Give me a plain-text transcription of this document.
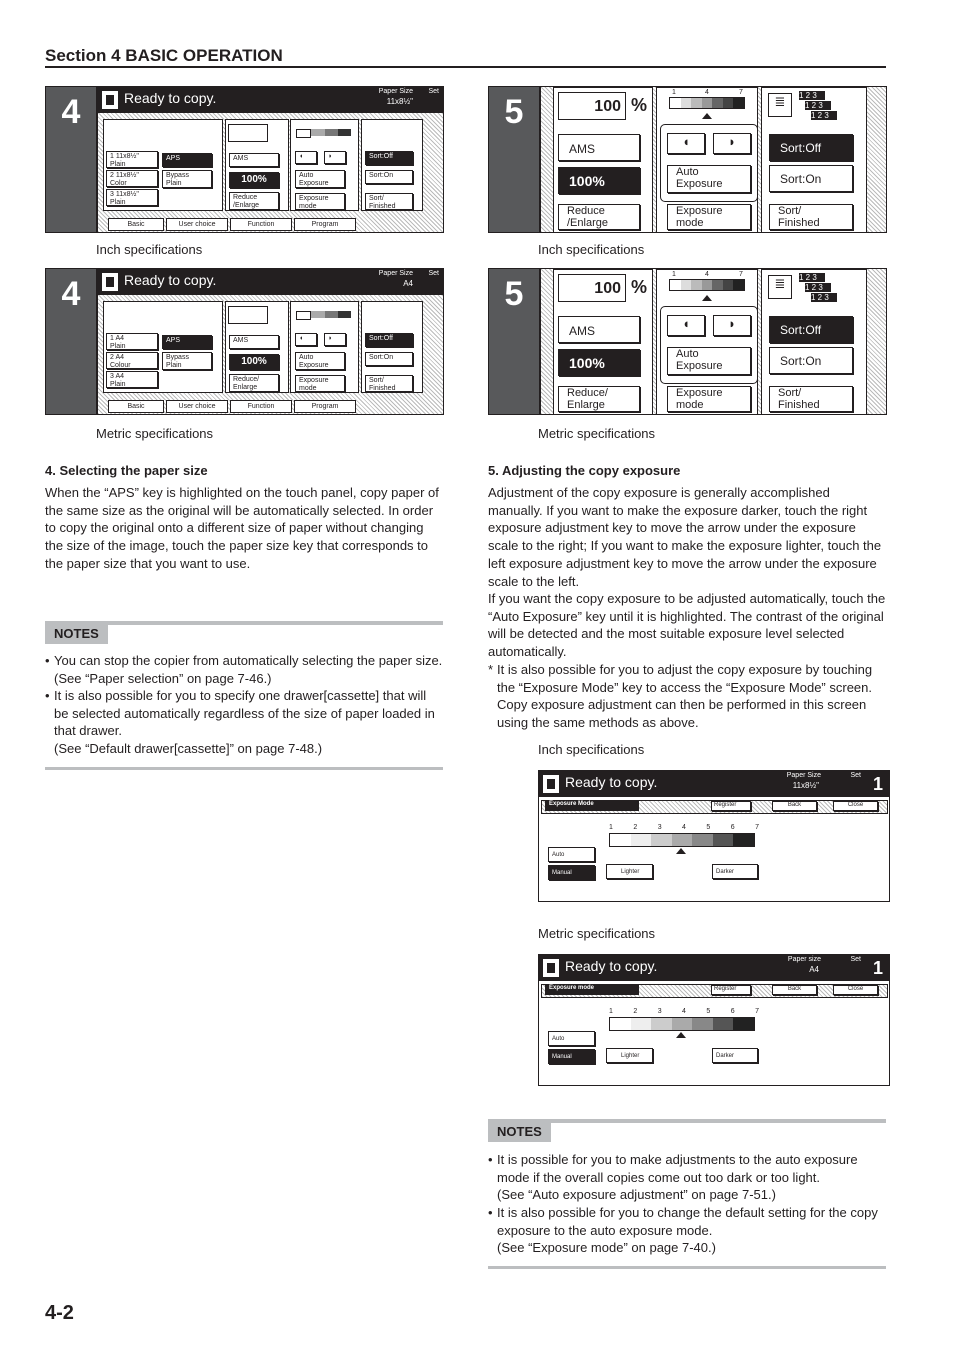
Section 4 BASIC OPERATION
4	Ready to copy.	Paper Size
11x8½"
Set
1 11x8½"
Plain
2 11x8½"
Color
3 11x8½"
Plain
APS
Bypass
Plain
AMS
100%
Reduce
/Enlarge
◖	◗
Auto
Exposure
Exposure
mode
Sort:Off
Sort:On
Sort/
Finished
Basic	User choice	Function	Program
Inch specifications
4	Ready to copy.	Paper Size
A4
Set
1 A4
Plain
2 A4
Colour
3 A4
Plain
APS
Bypass
Plain
AMS
100%
Reduce/
Enlarge
◖	◗
Auto
Exposure
Exposure
mode
Sort:Off
Sort:On
Sort/
Finished
Basic	User choice	Function	Program
Metric specifications
5	100 %
AMS
100%
Reduce
/Enlarge
1	4	7
◖	◗
Auto
Exposure
Exposure
mode
≣	1 2 3
1 2 3
1 2 3
Sort:Off
Sort:On
Sort/
Finished
Inch specifications
5	100 %
AMS
100%
Reduce/
Enlarge
1	4	7
◖	◗
Auto
Exposure
Exposure
mode
≣	1 2 3
1 2 3
1 2 3
Sort:Off
Sort:On
Sort/
Finished
Metric specifications
4. Selecting the paper size
When the “APS” key is highlighted on the touch panel, copy paper of the same size as the original will be automatically selected. In order to copy the original onto a different size of paper without changing the size of the image, touch the paper size key that corresponds to the paper size that you want to use.
NOTES
• You can stop the copier from automatically selecting the paper size. (See “Paper selection” on page 7-46.)
• It is also possible for you to specify one drawer[cassette] that will be selected automatically regardless of the size of paper loaded in that drawer.
(See “Default drawer[cassette]” on page 7-48.)
5. Adjusting the copy exposure
Adjustment of the copy exposure is generally accomplished manually. If you want to make the exposure darker, touch the right exposure adjustment key to move the arrow under the exposure scale to the right; If you want to make the exposure lighter, touch the left exposure adjustment key to move the arrow under the exposure scale to the left.
If you want the copy exposure to be adjusted automatically, touch the “Auto Exposure” key until it is highlighted. The contrast of the original will be detected and the most suitable exposure level selected automatically.
* It is also possible for you to adjust the copy exposure by touching the “Exposure Mode” key to access the “Exposure Mode” screen. Copy exposure adjustment can then be performed in this screen using the same methods as above.
Inch specifications
Ready to copy.	Paper Size
11x8½"
Set 1
Exposure Mode	Register	Back	Close
1	2	3	4	5	6	7
Auto
Manual	Lighter	Darker
Metric specifications
Ready to copy.	Paper size
A4
Set 1
Exposure mode	Register	Back	Close
1	2	3	4	5	6	7
Auto
Manual	Lighter	Darker
NOTES
• It is possible for you to make adjustments to the auto exposure mode if the overall copies come out too dark or too light.
(See “Auto exposure adjustment” on page 7-51.)
• It is also possible for you to change the default setting for the copy exposure to the auto exposure mode.
(See “Exposure mode” on page 7-40.)
4-2
